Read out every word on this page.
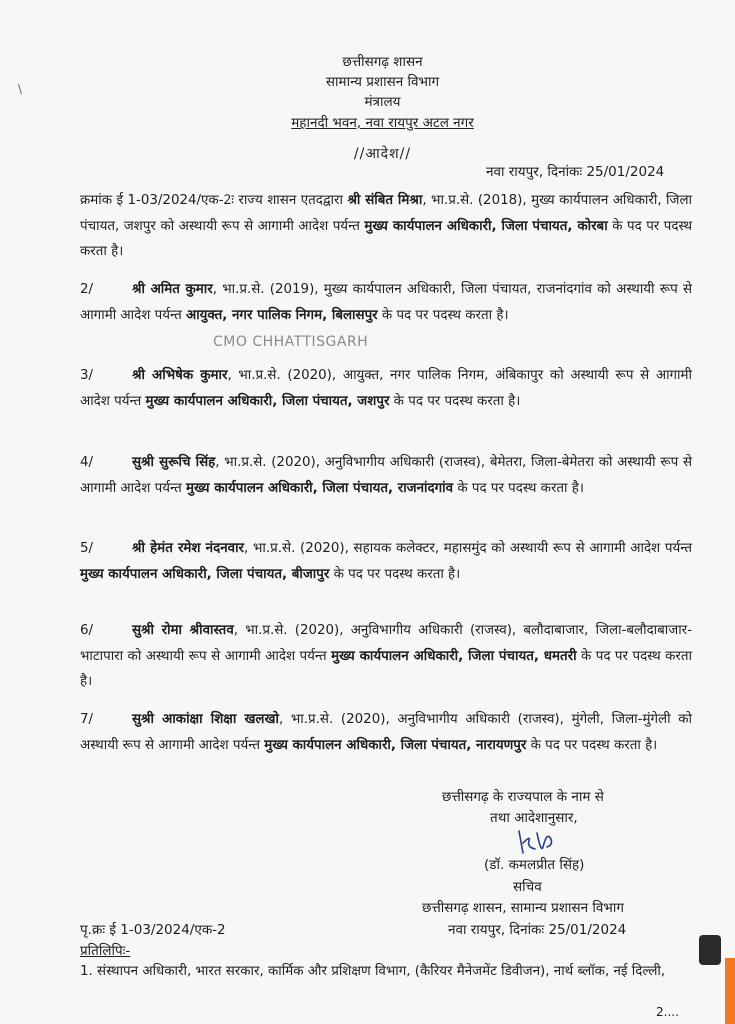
\
छत्तीसगढ़ शासन
सामान्य प्रशासन विभाग
मंत्रालय
महानदी भवन, नवा रायपुर अटल नगर
//आदेश//
नवा रायपुर, दिनांकः 25/01/2024
क्रमांक ई 1-03/2024/एक-2ः राज्य शासन एतदद्वारा श्री संबित मिश्रा, भा.प्र.से. (2018), मुख्य कार्यपालन अधिकारी, जिला पंचायत, जशपुर को अस्थायी रूप से आगामी आदेश पर्यन्त मुख्य कार्यपालन अधिकारी, जिला पंचायत, कोरबा के पद पर पदस्थ करता है।
2/	श्री अमित कुमार, भा.प्र.से. (2019), मुख्य कार्यपालन अधिकारी, जिला पंचायत, राजनांदगांव को अस्थायी रूप से आगामी आदेश पर्यन्त आयुक्त, नगर पालिक निगम, बिलासपुर के पद पर पदस्थ करता है।
CMO CHHATTISGARH
3/	श्री अभिषेक कुमार, भा.प्र.से. (2020), आयुक्त, नगर पालिक निगम, अंबिकापुर को अस्थायी रूप से आगामी आदेश पर्यन्त मुख्य कार्यपालन अधिकारी, जिला पंचायत, जशपुर के पद पर पदस्थ करता है।
4/	सुश्री सुरूचि सिंह, भा.प्र.से. (2020), अनुविभागीय अधिकारी (राजस्व), बेमेतरा, जिला-बेमेतरा को अस्थायी रूप से आगामी आदेश पर्यन्त मुख्य कार्यपालन अधिकारी, जिला पंचायत, राजनांदगांव के पद पर पदस्थ करता है।
5/	श्री हेमंत रमेश नंदनवार, भा.प्र.से. (2020), सहायक कलेक्टर, महासमुंद को अस्थायी रूप से आगामी आदेश पर्यन्त मुख्य कार्यपालन अधिकारी, जिला पंचायत, बीजापुर के पद पर पदस्थ करता है।
6/	सुश्री रोमा श्रीवास्तव, भा.प्र.से. (2020), अनुविभागीय अधिकारी (राजस्व), बलौदाबाजार, जिला-बलौदाबाजार-भाटापारा को अस्थायी रूप से आगामी आदेश पर्यन्त मुख्य कार्यपालन अधिकारी, जिला पंचायत, धमतरी के पद पर पदस्थ करता है।
7/	सुश्री आकांक्षा शिक्षा खलखो, भा.प्र.से. (2020), अनुविभागीय अधिकारी (राजस्व), मुंगेली, जिला-मुंगेली को अस्थायी रूप से आगामी आदेश पर्यन्त मुख्य कार्यपालन अधिकारी, जिला पंचायत, नारायणपुर के पद पर पदस्थ करता है।
छत्तीसगढ़ के राज्यपाल के नाम से
तथा आदेशानुसार,
(डॉ. कमलप्रीत सिंह)
सचिव
छत्तीसगढ़ शासन, सामान्य प्रशासन विभाग
नवा रायपुर, दिनांकः 25/01/2024
पृ.क्रः ई 1-03/2024/एक-2
प्रतिलिपिः-
1. संस्थापन अधिकारी, भारत सरकार, कार्मिक और प्रशिक्षण विभाग, (कैरियर मैनेजमेंट डिवीजन), नार्थ ब्लॉक, नई दिल्ली,
2....
